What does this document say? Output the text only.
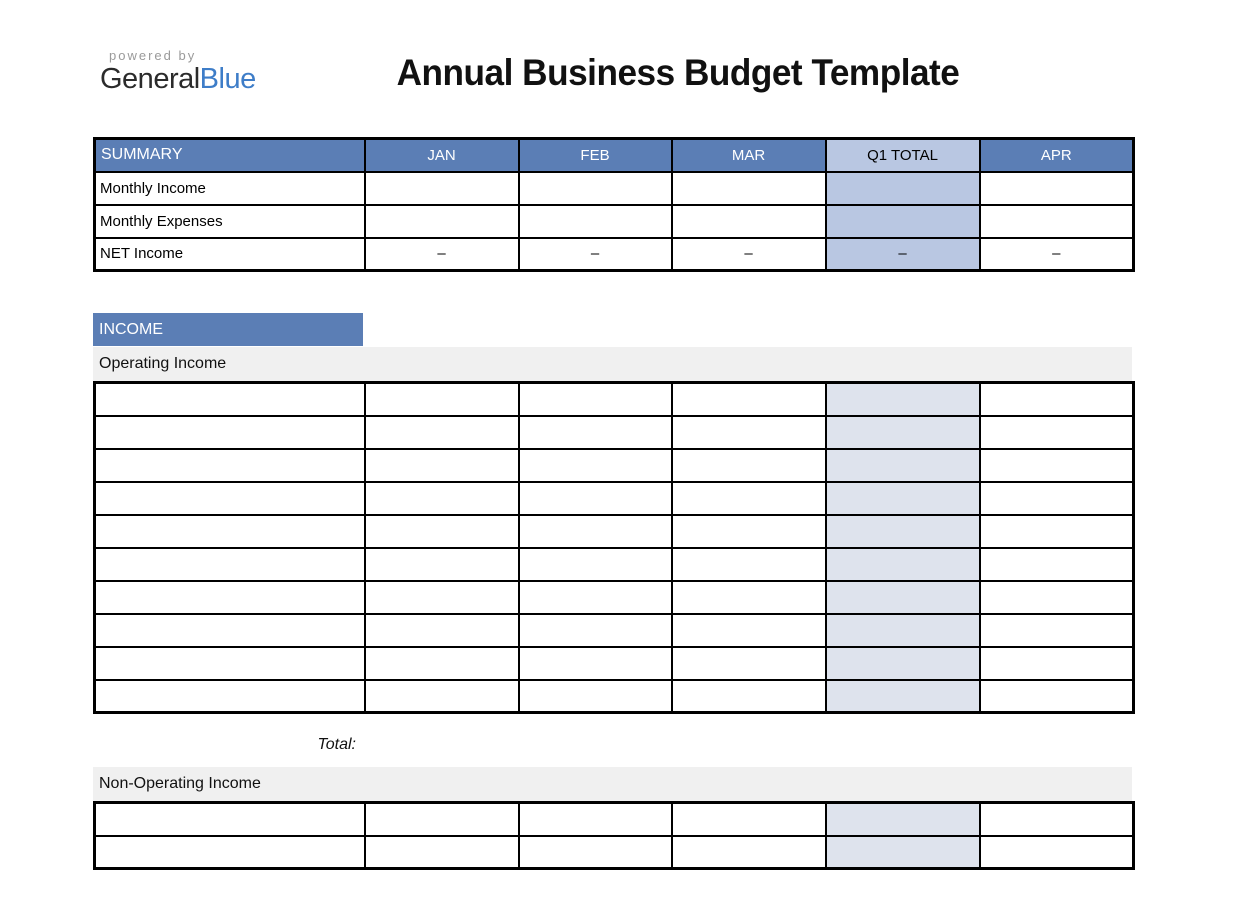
powered by
GeneralBlue	Annual Business Budget Template
SUMMARY	JAN	FEB	MAR	Q1 TOTAL	APR
Monthly Income					
Monthly Expenses					
NET Income	–	–	–	–	–
INCOME
Operating Income

Total:
Non-Operating Income
